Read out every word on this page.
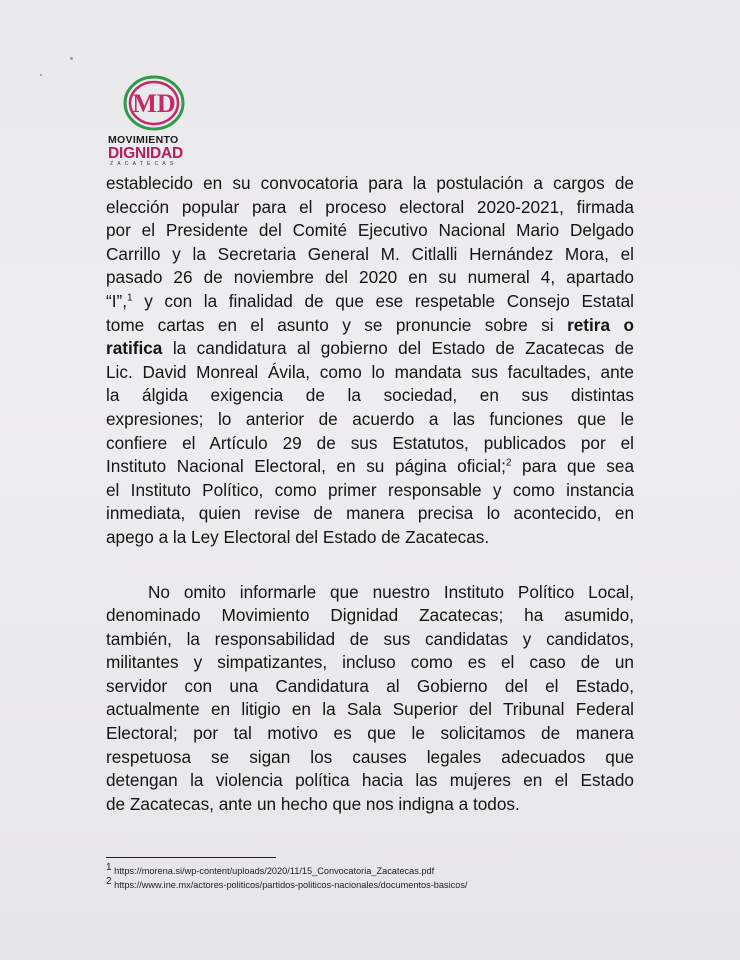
MD
MOVIMIENTO
DIGNIDAD
ZACATECAS
establecido en su convocatoria para la postulación a cargos de
elección popular para el proceso electoral 2020-2021, firmada
por el Presidente del Comité Ejecutivo Nacional Mario Delgado
Carrillo y la Secretaria General M. Citlalli Hernández Mora, el
pasado 26 de noviembre del 2020 en su numeral 4, apartado
“I”,$^1$ y con la finalidad de que ese respetable Consejo Estatal
tome cartas en el asunto y se pronuncie sobre si retira o
ratifica la candidatura al gobierno del Estado de Zacatecas de
Lic. David Monreal Ávila, como lo mandata sus facultades, ante
la álgida exigencia de la sociedad, en sus distintas
expresiones; lo anterior de acuerdo a las funciones que le
confiere el Artículo 29 de sus Estatutos, publicados por el
Instituto Nacional Electoral, en su página oficial;$^2$ para que sea
el Instituto Político, como primer responsable y como instancia
inmediata, quien revise de manera precisa lo acontecido, en
apego a la Ley Electoral del Estado de Zacatecas.
No omito informarle que nuestro Instituto Político Local,
denominado Movimiento Dignidad Zacatecas; ha asumido,
también, la responsabilidad de sus candidatas y candidatos,
militantes y simpatizantes, incluso como es el caso de un
servidor con una Candidatura al Gobierno del el Estado,
actualmente en litigio en la Sala Superior del Tribunal Federal
Electoral; por tal motivo es que le solicitamos de manera
respetuosa se sigan los causes legales adecuados que
detengan la violencia política hacia las mujeres en el Estado
de Zacatecas, ante un hecho que nos indigna a todos.
$^1$ https://morena.si/wp-content/uploads/2020/11/15_Convocatoria_Zacatecas.pdf
$^2$ https://www.ine.mx/actores-politicos/partidos-politicos-nacionales/documentos-basicos/
